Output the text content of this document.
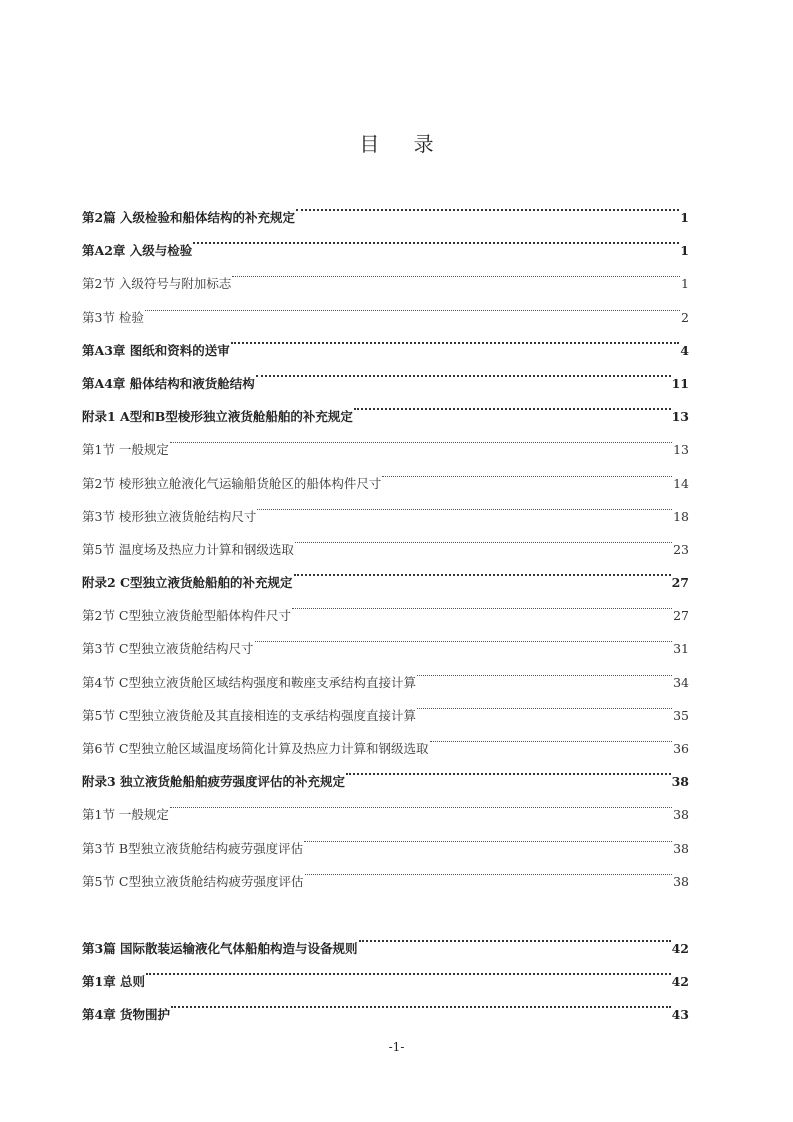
目 录
第2篇 入级检验和船体结构的补充规定	1
第A2章 入级与检验	1
第2节 入级符号与附加标志	1
第3节 检验	2
第A3章 图纸和资料的送审	4
第A4章 船体结构和液货舱结构	11
附录1 A型和B型棱形独立液货舱船舶的补充规定	13
第1节 一般规定	13
第2节 棱形独立舱液化气运输船货舱区的船体构件尺寸	14
第3节 棱形独立液货舱结构尺寸	18
第5节 温度场及热应力计算和钢级选取	23
附录2 C型独立液货舱船舶的补充规定	27
第2节 C型独立液货舱型船体构件尺寸	27
第3节 C型独立液货舱结构尺寸	31
第4节 C型独立液货舱区域结构强度和鞍座支承结构直接计算	34
第5节 C型独立液货舱及其直接相连的支承结构强度直接计算	35
第6节 C型独立舱区域温度场简化计算及热应力计算和钢级选取	36
附录3 独立液货舱船舶疲劳强度评估的补充规定	38
第1节 一般规定	38
第3节 B型独立液货舱结构疲劳强度评估	38
第5节 C型独立液货舱结构疲劳强度评估	38
第3篇 国际散装运输液化气体船舶构造与设备规则	42
第1章 总则	42
第4章 货物围护	43
-1-
